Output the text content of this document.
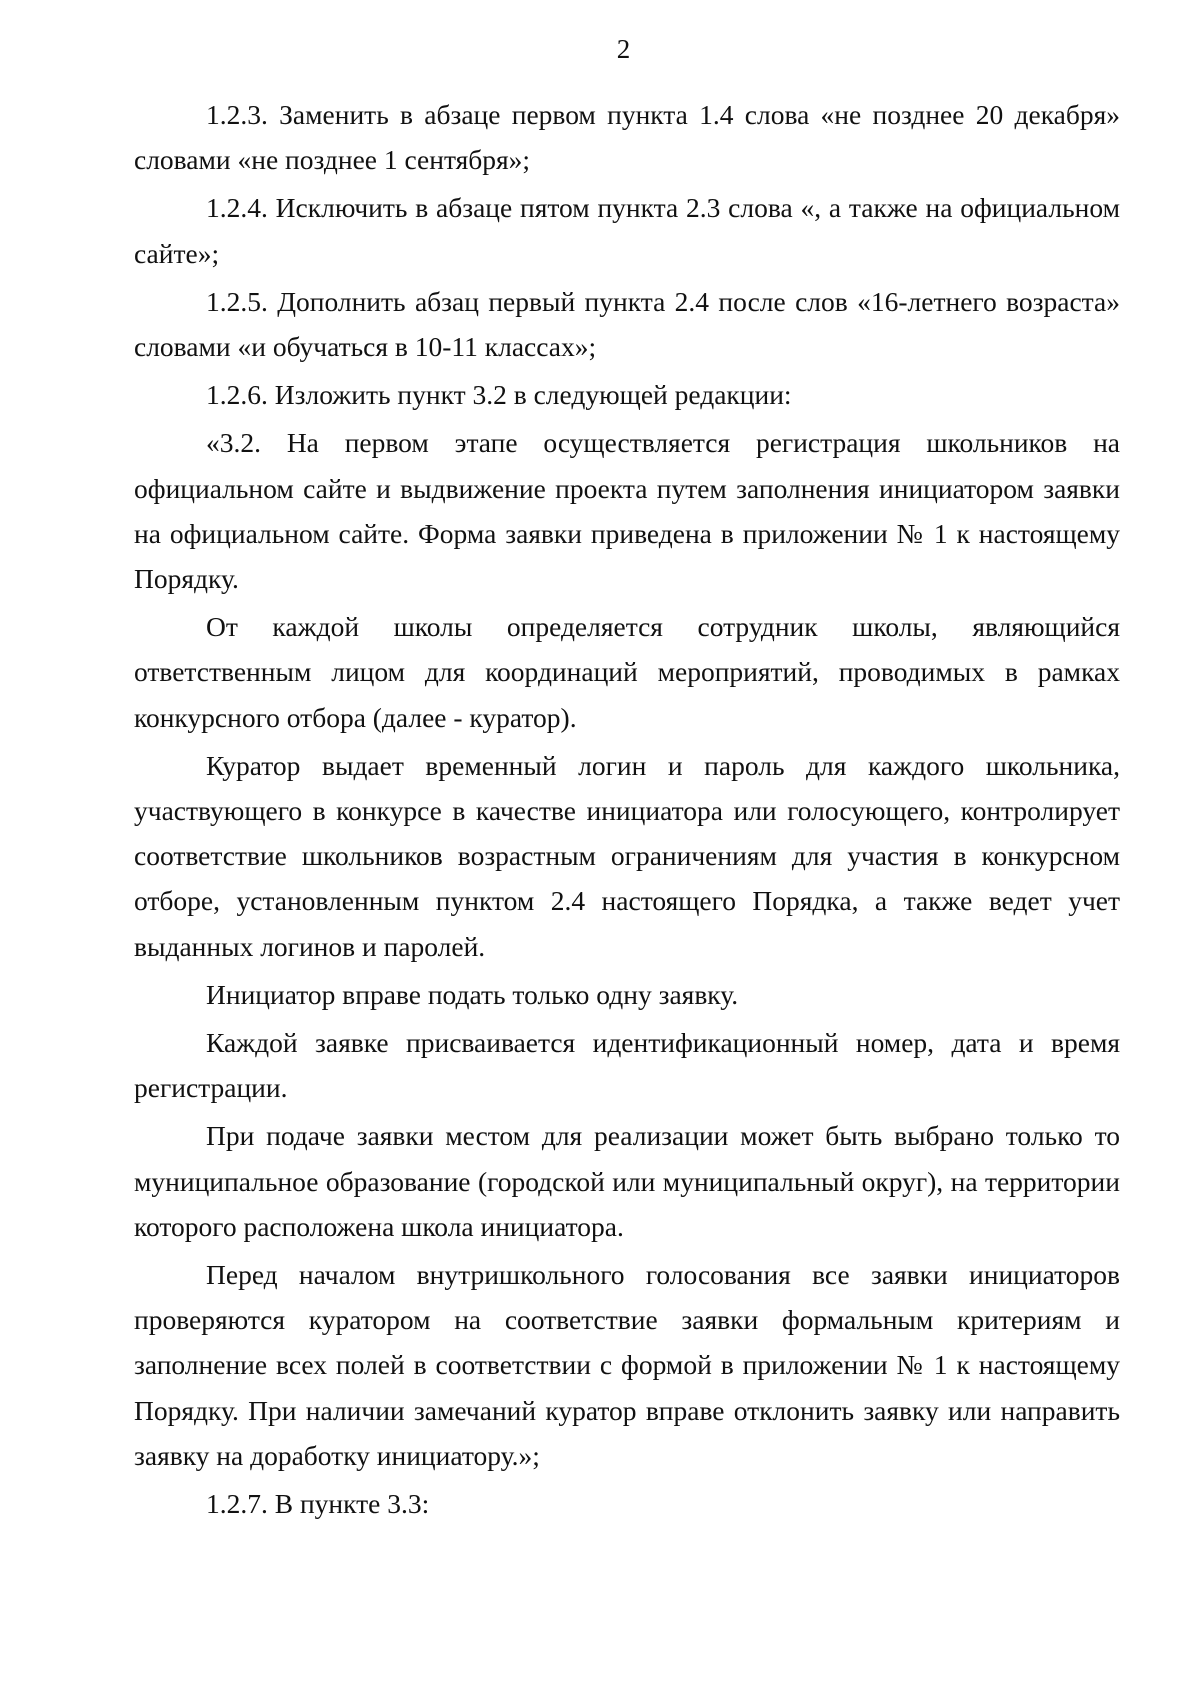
2

1.2.3. Заменить в абзаце первом пункта 1.4 слова «не позднее 20 декабря» словами «не позднее 1 сентября»;

1.2.4. Исключить в абзаце пятом пункта 2.3 слова «, а также на официальном сайте»;

1.2.5. Дополнить абзац первый пункта 2.4 после слов «16-летнего возраста» словами «и обучаться в 10-11 классах»;

1.2.6. Изложить пункт 3.2 в следующей редакции:

«3.2. На первом этапе осуществляется регистрация школьников на официальном сайте и выдвижение проекта путем заполнения инициатором заявки на официальном сайте. Форма заявки приведена в приложении № 1 к настоящему Порядку.

От каждой школы определяется сотрудник школы, являющийся ответственным лицом для координаций мероприятий, проводимых в рамках конкурсного отбора (далее - куратор).

Куратор выдает временный логин и пароль для каждого школьника, участвующего в конкурсе в качестве инициатора или голосующего, контролирует соответствие школьников возрастным ограничениям для участия в конкурсном отборе, установленным пунктом 2.4 настоящего Порядка, а также ведет учет выданных логинов и паролей.

Инициатор вправе подать только одну заявку.

Каждой заявке присваивается идентификационный номер, дата и время регистрации.

При подаче заявки местом для реализации может быть выбрано только то муниципальное образование (городской или муниципальный округ), на территории которого расположена школа инициатора.

Перед началом внутришкольного голосования все заявки инициаторов проверяются куратором на соответствие заявки формальным критериям и заполнение всех полей в соответствии с формой в приложении № 1 к настоящему Порядку. При наличии замечаний куратор вправе отклонить заявку или направить заявку на доработку инициатору.»;

1.2.7. В пункте 3.3:
